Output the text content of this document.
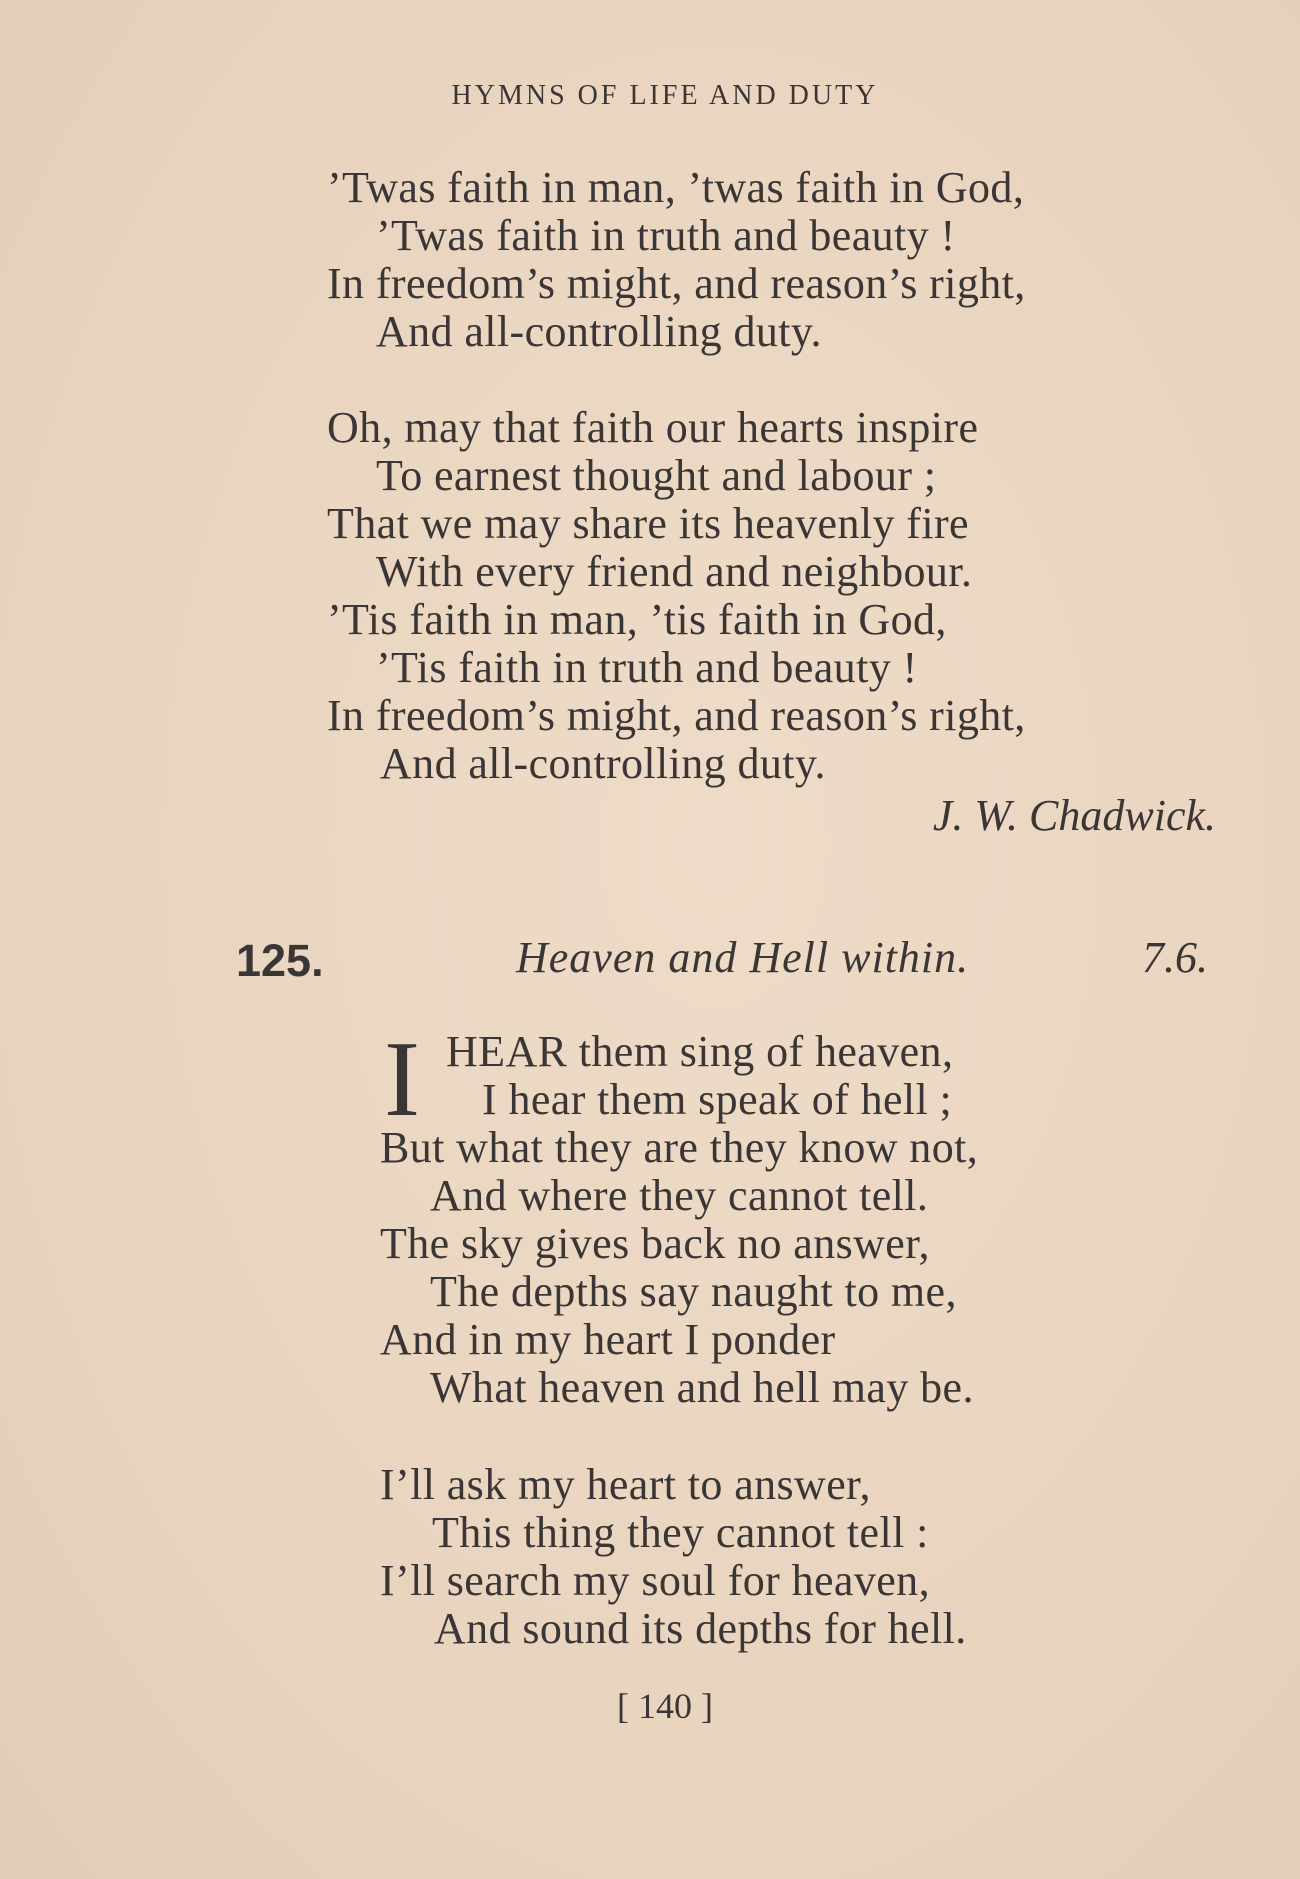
HYMNS OF LIFE AND DUTY
’Twas faith in man, ’twas faith in God,
’Twas faith in truth and beauty !
In freedom’s might, and reason’s right,
And all-controlling duty.
Oh, may that faith our hearts inspire
To earnest thought and labour ;
That we may share its heavenly fire
With every friend and neighbour.
’Tis faith in man, ’tis faith in God,
’Tis faith in truth and beauty !
In freedom’s might, and reason’s right,
And all-controlling duty.
J. W. Chadwick.
125.	Heaven and Hell within.	7.6.
I HEAR them sing of heaven,
I hear them speak of hell ;
But what they are they know not,
And where they cannot tell.
The sky gives back no answer,
The depths say naught to me,
And in my heart I ponder
What heaven and hell may be.
I’ll ask my heart to answer,
This thing they cannot tell :
I’ll search my soul for heaven,
And sound its depths for hell.
[ 140 ]
